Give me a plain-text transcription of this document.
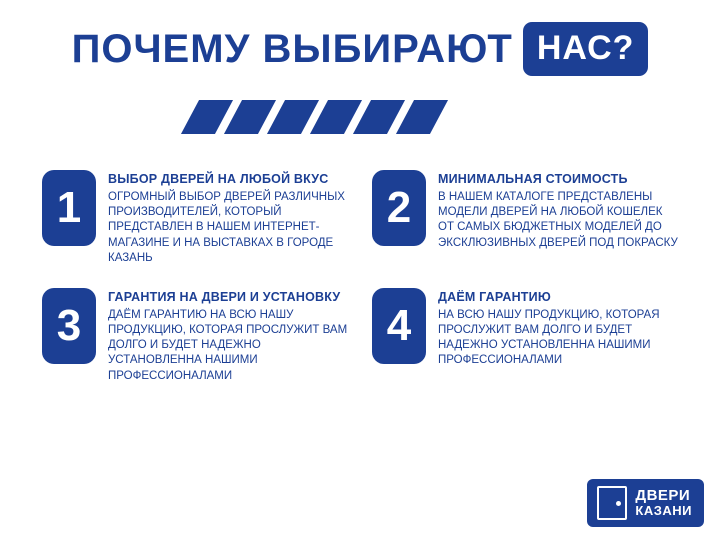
ПОЧЕМУ ВЫБИРАЮТ НАС?
1
ВЫБОР ДВЕРЕЙ НА ЛЮБОЙ ВКУС
ОГРОМНЫЙ ВЫБОР ДВЕРЕЙ РАЗЛИЧНЫХ ПРОИЗВОДИТЕЛЕЙ, КОТОРЫЙ ПРЕДСТАВЛЕН В НАШЕМ ИНТЕРНЕТ-МАГАЗИНЕ И НА ВЫСТАВКАХ В ГОРОДЕ КАЗАНЬ
2
МИНИМАЛЬНАЯ СТОИМОСТЬ
В НАШЕМ КАТАЛОГЕ ПРЕДСТАВЛЕНЫ МОДЕЛИ ДВЕРЕЙ НА ЛЮБОЙ КОШЕЛЕК ОТ САМЫХ БЮДЖЕТНЫХ МОДЕЛЕЙ ДО ЭКСКЛЮЗИВНЫХ ДВЕРЕЙ ПОД ПОКРАСКУ
3
ГАРАНТИЯ НА ДВЕРИ И УСТАНОВКУ
ДАЁМ ГАРАНТИЮ НА ВСЮ НАШУ ПРОДУКЦИЮ, КОТОРАЯ ПРОСЛУЖИТ ВАМ ДОЛГО И БУДЕТ НАДЕЖНО УСТАНОВЛЕННА НАШИМИ ПРОФЕССИОНАЛАМИ
4
ДАЁМ ГАРАНТИЮ
НА ВСЮ НАШУ ПРОДУКЦИЮ, КОТОРАЯ ПРОСЛУЖИТ ВАМ ДОЛГО И БУДЕТ НАДЕЖНО УСТАНОВЛЕННА НАШИМИ ПРОФЕССИОНАЛАМИ
ДВЕРИ
КАЗАНИ
